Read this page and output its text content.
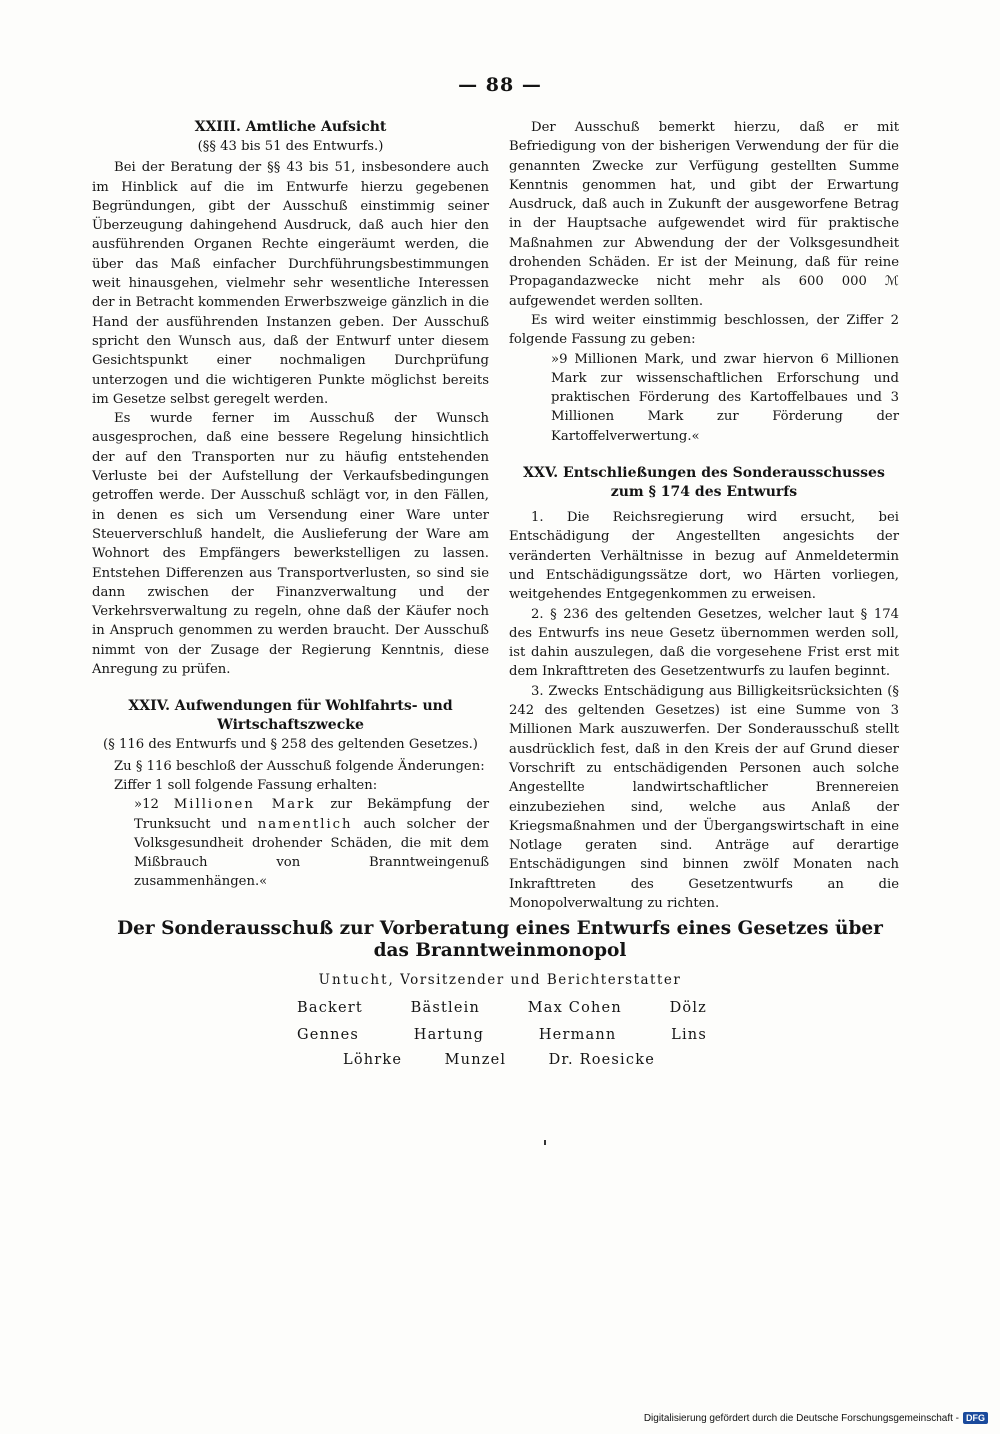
— 88 —
XXIII. Amtliche Aufsicht

(§§ 43 bis 51 des Entwurfs.)

Bei der Beratung der §§ 43 bis 51, insbesondere auch im Hinblick auf die im Entwurfe hierzu gegebenen Begründungen, gibt der Ausschuß einstimmig seiner Überzeugung dahingehend Ausdruck, daß auch hier den ausführenden Organen Rechte eingeräumt werden, die über das Maß einfacher Durchführungsbestimmungen weit hinausgehen, vielmehr sehr wesentliche Interessen der in Betracht kommenden Erwerbszweige gänzlich in die Hand der ausführenden Instanzen geben. Der Ausschuß spricht den Wunsch aus, daß der Entwurf unter diesem Gesichtspunkt einer nochmaligen Durchprüfung unterzogen und die wichtigeren Punkte möglichst bereits im Gesetze selbst geregelt werden.

Es wurde ferner im Ausschuß der Wunsch ausgesprochen, daß eine bessere Regelung hinsichtlich der auf den Transporten nur zu häufig entstehenden Verluste bei der Aufstellung der Verkaufsbedingungen getroffen werde. Der Ausschuß schlägt vor, in den Fällen, in denen es sich um Versendung einer Ware unter Steuerverschluß handelt, die Auslieferung der Ware am Wohnort des Empfängers bewerkstelligen zu lassen. Entstehen Differenzen aus Transportverlusten, so sind sie dann zwischen der Finanzverwaltung und der Verkehrsverwaltung zu regeln, ohne daß der Käufer noch in Anspruch genommen zu werden braucht. Der Ausschuß nimmt von der Zusage der Regierung Kenntnis, diese Anregung zu prüfen.

XXIV. Aufwendungen für Wohlfahrts- und Wirtschaftszwecke

(§ 116 des Entwurfs und § 258 des geltenden Gesetzes.)

Zu § 116 beschloß der Ausschuß folgende Änderungen:

Ziffer 1 soll folgende Fassung erhalten:

»12 Millionen Mark zur Bekämpfung der Trunksucht und namentlich auch solcher der Volksgesundheit drohender Schäden, die mit dem Mißbrauch von Branntweingenuß zusammenhängen.«

Der Ausschuß bemerkt hierzu, daß er mit Befriedigung von der bisherigen Verwendung der für die genannten Zwecke zur Verfügung gestellten Summe Kenntnis genommen hat, und gibt der Erwartung Ausdruck, daß auch in Zukunft der ausgeworfene Betrag in der Hauptsache aufgewendet wird für praktische Maßnahmen zur Abwendung der der Volksgesundheit drohenden Schäden. Er ist der Meinung, daß für reine Propagandazwecke nicht mehr als 600 000 ℳ aufgewendet werden sollten.

Es wird weiter einstimmig beschlossen, der Ziffer 2 folgende Fassung zu geben:

»9 Millionen Mark, und zwar hiervon 6 Millionen Mark zur wissenschaftlichen Erforschung und praktischen Förderung des Kartoffelbaues und 3 Millionen Mark zur Förderung der Kartoffelverwertung.«

XXV. Entschließungen des Sonderausschusses zum § 174 des Entwurfs

1. Die Reichsregierung wird ersucht, bei Entschädigung der Angestellten angesichts der veränderten Verhältnisse in bezug auf Anmeldetermin und Entschädigungssätze dort, wo Härten vorliegen, weitgehendes Entgegenkommen zu erweisen.

2. § 236 des geltenden Gesetzes, welcher laut § 174 des Entwurfs ins neue Gesetz übernommen werden soll, ist dahin auszulegen, daß die vorgesehene Frist erst mit dem Inkrafttreten des Gesetzentwurfs zu laufen beginnt.

3. Zwecks Entschädigung aus Billigkeitsrücksichten (§ 242 des geltenden Gesetzes) ist eine Summe von 3 Millionen Mark auszuwerfen. Der Sonderausschuß stellt ausdrücklich fest, daß in den Kreis der auf Grund dieser Vorschrift zu entschädigenden Personen auch solche Angestellte landwirtschaftlicher Brennereien einzubeziehen sind, welche aus Anlaß der Kriegsmaßnahmen und der Übergangswirtschaft in eine Notlage geraten sind. Anträge auf derartige Entschädigungen sind binnen zwölf Monaten nach Inkrafttreten des Gesetzentwurfs an die Monopolverwaltung zu richten.

Der Sonderausschuß zur Vorberatung eines Entwurfs eines Gesetzes über das Branntweinmonopol
Untucht, Vorsitzender und Berichterstatter
Backert	Bästlein	Max Cohen	Dölz
Gennes	Hartung	Hermann	Lins
Löhrke	Munzel	Dr. Roesicke
Digitalisierung gefördert durch die Deutsche Forschungsgemeinschaft - DFG
